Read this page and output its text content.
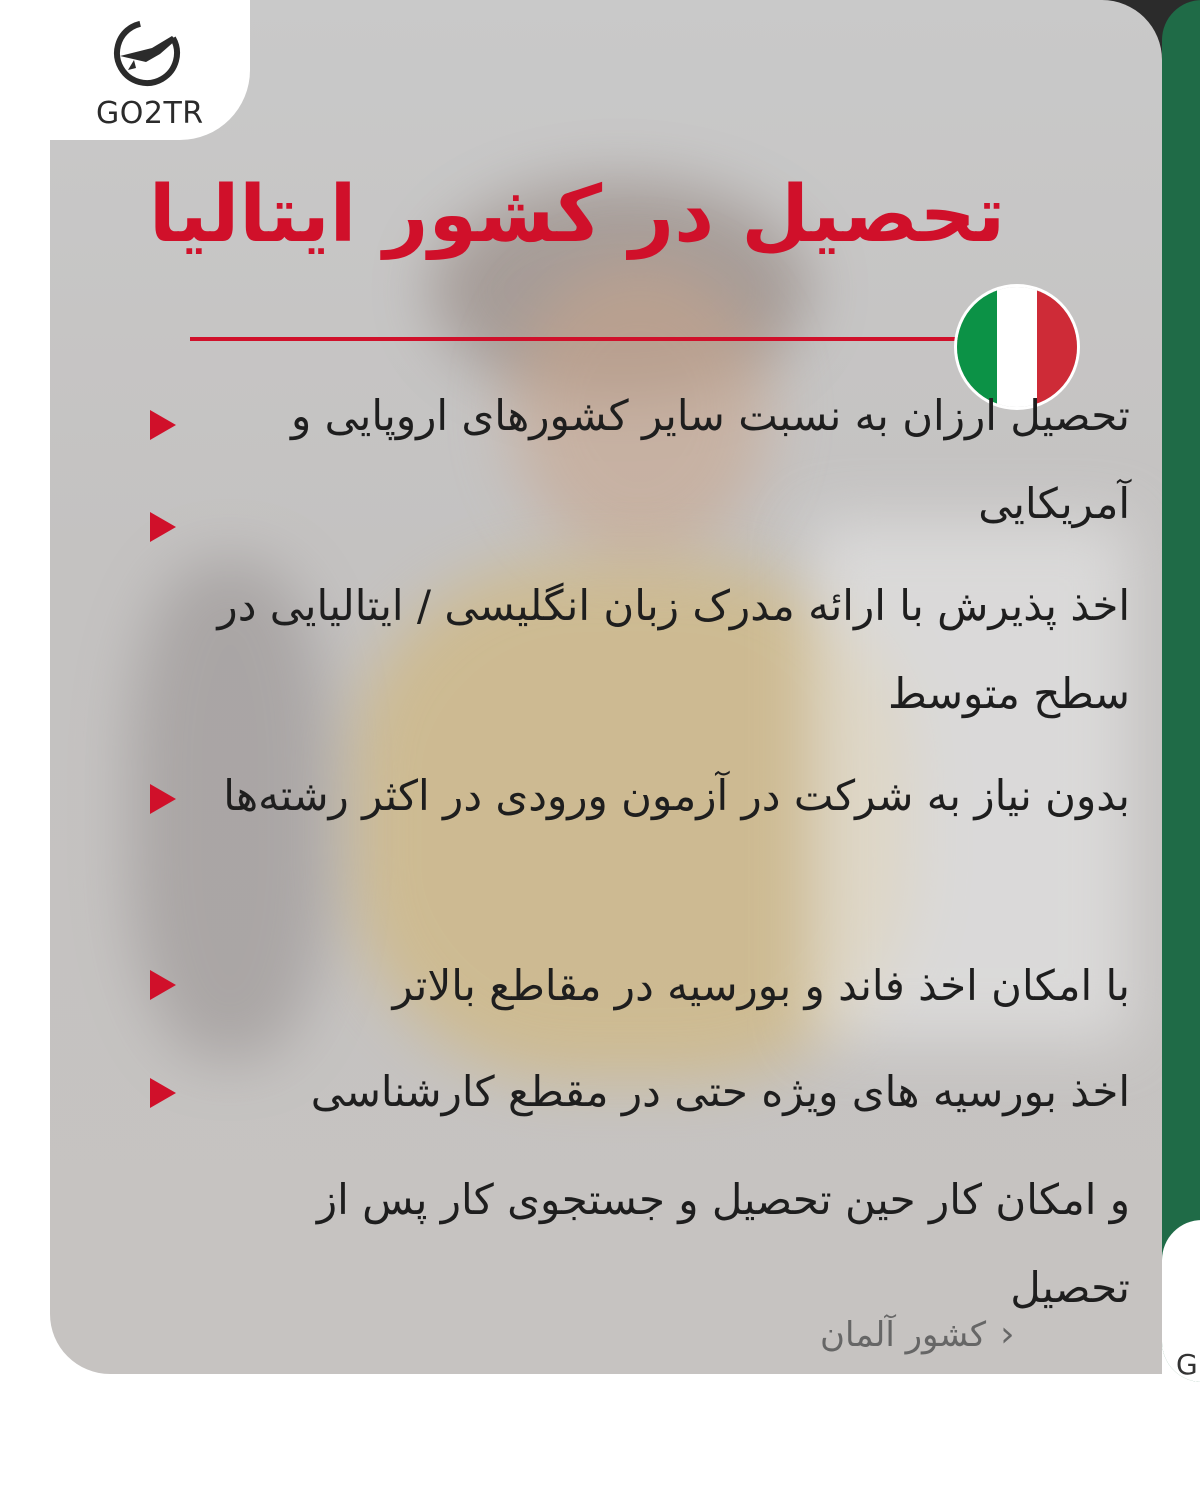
G
GO2TR
تحصیل در کشور ایتالیا
تحصیل ارزان به نسبت سایر کشورهای اروپایی و آمریکایی
اخذ پذیرش با ارائه مدرک زبان انگلیسی / ایتالیایی در سطح متوسط
بدون نیاز به شرکت در آزمون ورودی در اکثر رشته‌ها
با امکان اخذ فاند و بورسیه در مقاطع بالاتر
اخذ بورسیه های ویژه حتی در مقطع کارشناسی
و امکان کار حین تحصیل و جستجوی کار پس از تحصیل
‹کشور آلمان
